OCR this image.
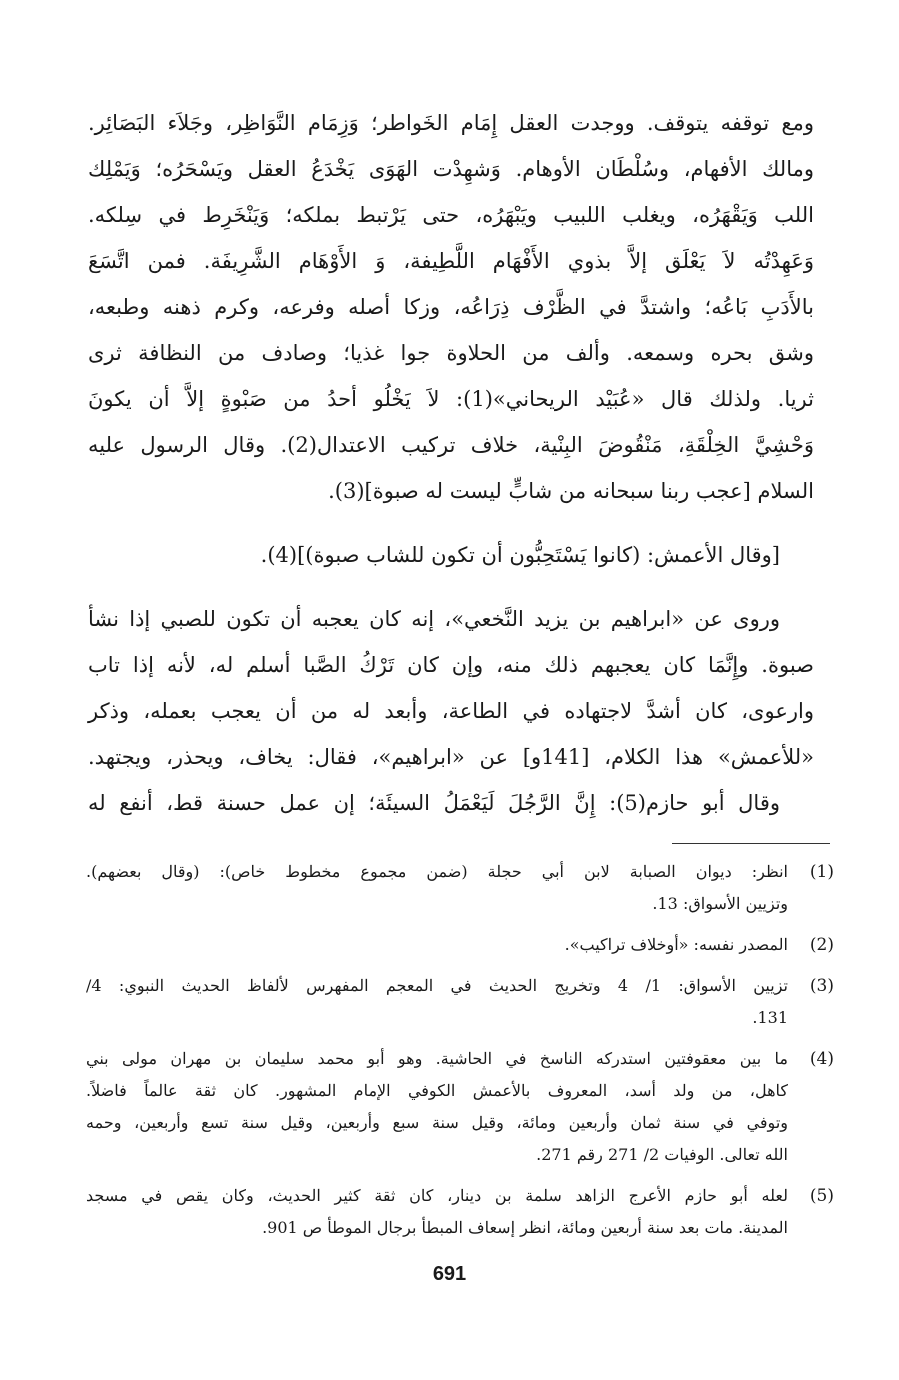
ومع توقفه يتوقف. ووجدت العقل إِمَام الخَواطر؛ وَزِمَام النَّوَاظِر، وجَلاَء البَصَائِر.
ومالك الأفهام، وسُلْطَان الأوهام. وَشهِدْت الهَوَى يَخْدَعُ العقل ويَسْحَرُه؛ وَيَمْلِك
اللب وَيَقْهَرُه، ويغلب اللبيب ويَبْهَرُه، حتى يَرْتبط بملكه؛ وَيَنْخَرِط في سِلكه.
وَعَهِدْتُه لاَ يَعْلَق إلاَّ بذوي الأَفْهَام اللَّطِيفة، وَ الأَوْهَام الشَّرِيفَة. فمن اتَّسَعَ
بالأَدَبِ بَاعُه؛ واشتدَّ في الظَّرْف ذِرَاعُه، وزكا أصله وفرعه، وكرم ذهنه وطبعه،
وشق بحره وسمعه. وألف من الحلاوة جوا غذيا؛ وصادف من النظافة ثرى
ثريا. ولذلك قال «عُبَيْد الريحاني»(1): لاَ يَخْلُو أحدُ من صَبْوةٍ إلاَّ أن يكونَ
وَحْشِيَّ الخِلْقَةِ، مَنْقُوضَ البِنْية، خلاف تركيب الاعتدال(2). وقال الرسول عليه
السلام [عجب ربنا سبحانه من شابٍّ ليست له صبوة](3).
[وقال الأعمش: (كانوا يَسْتَحِبُّون أن تكون للشاب صبوة)](4).
وروى عن «ابراهيم بن يزيد النَّخعي»، إنه كان يعجبه أن تكون للصبي إذا نشأ
صبوة. وإِنَّمَا كان يعجبهم ذلك منه، وإن كان تَرْكُ الصَّبا أسلم له، لأنه إذا تاب
وارعوى، كان أشدَّ لاجتهاده في الطاعة، وأبعد له من أن يعجب بعمله، وذكر
«للأعمش» هذا الكلام، [141و] عن «ابراهيم»، فقال: يخاف، ويحذر، ويجتهد.
وقال أبو حازم(5): إِنَّ الرَّجُلَ لَيَعْمَلُ السيئَة؛ إن عمل حسنة قط، أنفع له
(1)
انظر: ديوان الصبابة لابن أبي حجلة (ضمن مجموع مخطوط خاص): (وقال بعضهم).
وتزيين الأسواق: 13.
(2)
المصدر نفسه: «أوخلاف تراكيب».
(3)
تزيين الأسواق: 1/ 4 وتخريج الحديث في المعجم المفهرس لألفاظ الحديث النبوي: 4/
131.
(4)
ما بين معقوفتين استدركه الناسخ في الحاشية. وهو أبو محمد سليمان بن مهران مولى بني
كاهل، من ولد أسد، المعروف بالأعمش الكوفي الإمام المشهور. كان ثقة عالماً فاضلاً.
وتوفي في سنة ثمان وأربعين ومائة، وقيل سنة سبع وأربعين، وقيل سنة تسع وأربعين، وحمه
الله تعالى. الوفيات 2/ 271 رقم 271.
(5)
لعله أبو حازم الأعرج الزاهد سلمة بن دينار، كان ثقة كثير الحديث، وكان يقص في مسجد
المدينة. مات بعد سنة أربعين ومائة، انظر إسعاف المبطأ برجال الموطأ ص 901.
691
